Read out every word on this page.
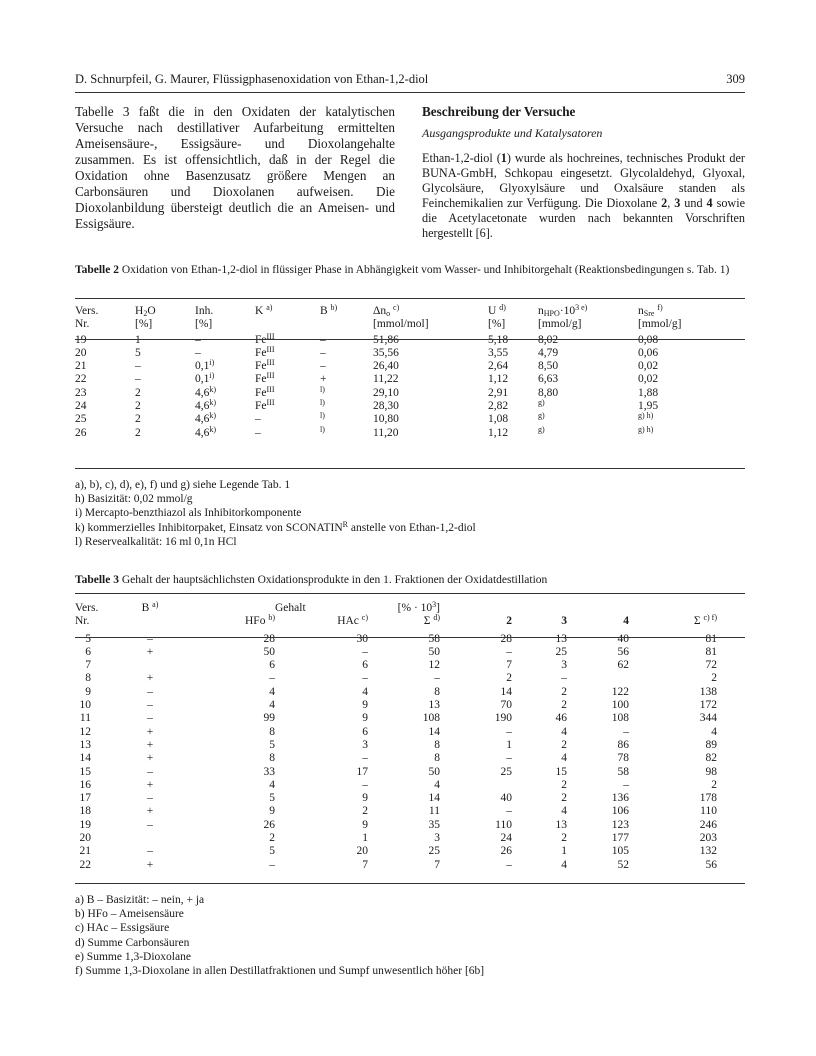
D. Schnurpfeil, G. Maurer, Flüssigphasenoxidation von Ethan-1,2-diol	309
Tabelle 3 faßt die in den Oxidaten der katalytischen Versuche nach destillativer Aufarbeitung ermittelten Ameisensäure-, Essigsäure- und Dioxolangehalte zusammen. Es ist offensichtlich, daß in der Regel die Oxidation ohne Basenzusatz größere Mengen an Carbonsäuren und Dioxolanen aufweisen. Die Dioxolanbildung übersteigt deutlich die an Ameisen- und Essigsäure.
Beschreibung der Versuche
Ausgangsprodukte und Katalysatoren

Ethan-1,2-diol (1) wurde als hochreines, technisches Produkt der BUNA-GmbH, Schkopau eingesetzt. Glycolaldehyd, Glyoxal, Glycolsäure, Glyoxylsäure und Oxalsäure standen als Feinchemikalien zur Verfügung. Die Dioxolane 2, 3 und 4 sowie die Acetylacetonate wurden nach bekannten Vorschriften hergestellt [6].

Tabelle 2 Oxidation von Ethan-1,2-diol in flüssiger Phase in Abhängigkeit vom Wasser- und Inhibitorgehalt (Reaktionsbedingungen s. Tab. 1)
Vers.	$H_2O$	Inh.	K $^{a)}$	B $^{b)}$	$\Delta n_o$ $^{c)}$	U $^{d)}$	$n_{HPO}\cdot 10^3$ $^{e)}$	$n_{Sre}$ $^{f)}$
Nr.	[%]	[%]			[mmol/mol]	[%]	[mmol/g]	[mmol/g]
19	1	–	$Fe^{III}$	–	51,86	5,18	8,02	0,08
20	5	–	$Fe^{III}$	–	35,56	3,55	4,79	0,06
21	–	0,1$^{i)}$	$Fe^{III}$	–	26,40	2,64	8,50	0,02
22	–	0,1$^{i)}$	$Fe^{III}$	+	11,22	1,12	6,63	0,02
23	2	4,6$^{k)}$	$Fe^{III}$	$^{l)}$	29,10	2,91	8,80	1,88
24	2	4,6$^{k)}$	$Fe^{III}$	$^{l)}$	28,30	2,82	$^{g)}$	1,95
25	2	4,6$^{k)}$	–	$^{l)}$	10,80	1,08	$^{g)}$	$^{g) h)}$
26	2	4,6$^{k)}$	–	$^{l)}$	11,20	1,12	$^{g)}$	$^{g) h)}$
a), b), c), d), e), f) und g) siehe Legende Tab. 1
h) Basizität: 0,02 mmol/g
i) Mercapto-benzthiazol als Inhibitorkomponente
k) kommerzielles Inhibitorpaket, Einsatz von $SCONATIN^R$ anstelle von Ethan-1,2-diol
l) Reservealkalität: 16 ml 0,1n HCl
Tabelle 3 Gehalt der hauptsächlichsten Oxidationsprodukte in den 1. Fraktionen der Oxidatdestillation
Vers.	B $^{a)}$		Gehalt	[% · $10^3$]					
Nr.		HFo $^{b)}$	HAc $^{c)}$	Σ $^{d)}$	2	3	4	Σ $^{c) f)}$	
5	–	28	30	58	28	13	40	81	
6	+	50	–	50	–	25	56	81	
7		6	6	12	7	3	62	72	
8	+	–	–	–	2	–		2	
9	–	4	4	8	14	2	122	138	
10	–	4	9	13	70	2	100	172	
11	–	99	9	108	190	46	108	344	
12	+	8	6	14	–	4	–	4	
13	+	5	3	8	1	2	86	89	
14	+	8	–	8	–	4	78	82	
15	–	33	17	50	25	15	58	98	
16	+	4	–	4		2	–	2	
17	–	5	9	14	40	2	136	178	
18	+	9	2	11	–	4	106	110	
19	–	26	9	35	110	13	123	246	
20		2	1	3	24	2	177	203	
21	–	5	20	25	26	1	105	132	
22	+	–	7	7	–	4	52	56	
a) B – Basizität: – nein, + ja
b) HFo – Ameisensäure
c) HAc – Essigsäure
d) Summe Carbonsäuren
e) Summe 1,3-Dioxolane
f) Summe 1,3-Dioxolane in allen Destillatfraktionen und Sumpf unwesentlich höher [6b]
